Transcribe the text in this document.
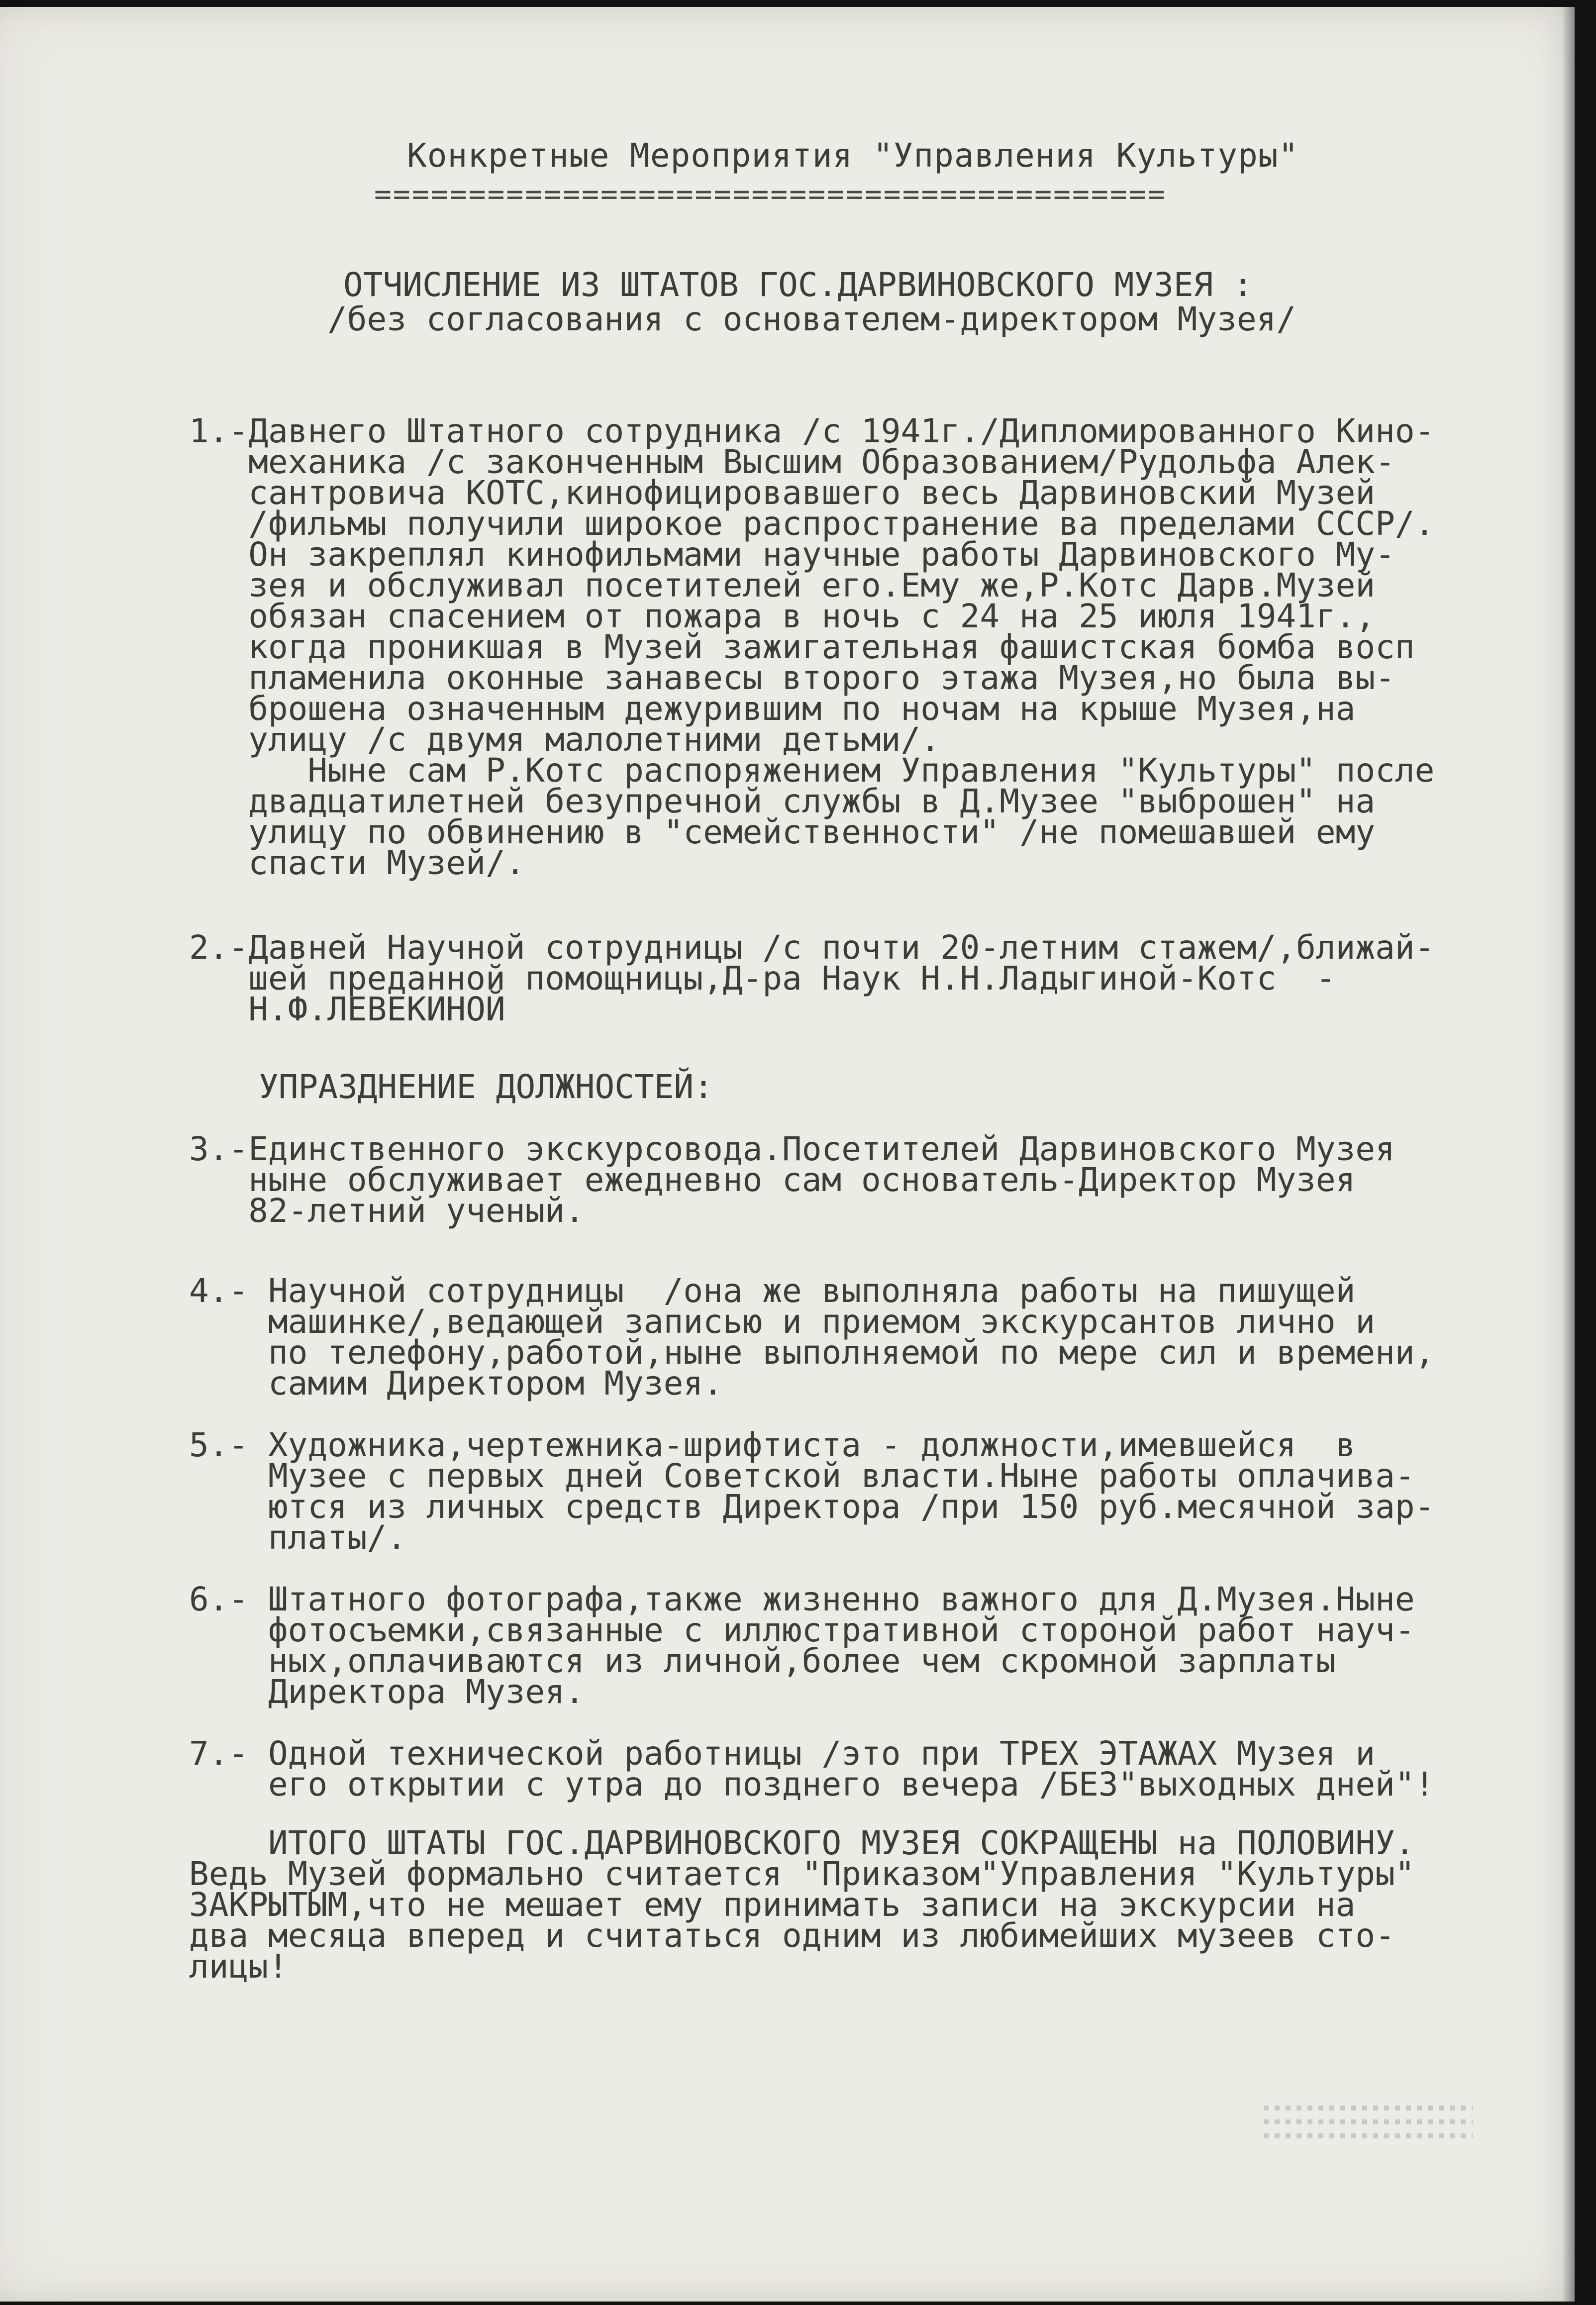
Конкретные Мероприятия "Управления Культуры"
==========================================
ОТЧИСЛЕНИЕ ИЗ ШТАТОВ ГОС.ДАРВИНОВСКОГО МУЗЕЯ :
/без согласования с основателем-директором Музея/
1.-Давнего Штатного сотрудника /с 1941г./Дипломированного Кино-
механика /с законченным Высшим Образованием/Рудольфа Алек-
сантровича КОТС,кинофицировавшего весь Дарвиновский Музей
/фильмы получили широкое распространение ва пределами СССР/.
Он закреплял кинофильмами научные работы Дарвиновского Му-
зея и обслуживал посетителей его.Ему же,Р.Котс Дарв.Музей
обязан спасением от пожара в ночь с 24 на 25 июля 1941г.,
когда проникшая в Музей зажигательная фашистская бомба восп
пламенила оконные занавесы второго этажа Музея,но была вы-
брошена означенным дежурившим по ночам на крыше Музея,на
улицу /с двумя малолетними детьми/.
Ныне сам Р.Котс распоряжением Управления "Культуры" после
двадцатилетней безупречной службы в Д.Музее "выброшен" на
улицу по обвинению в "семейственности" /не помешавшей ему
спасти Музей/.
2.-Давней Научной сотрудницы /с почти 20-летним стажем/,ближай-
шей преданной помощницы,Д-ра Наук Н.Н.Ладыгиной-Котс  -
Н.Ф.ЛЕВЕКИНОЙ
УПРАЗДНЕНИЕ ДОЛЖНОСТЕЙ:
3.-Единственного экскурсовода.Посетителей Дарвиновского Музея
ныне обслуживает ежедневно сам основатель-Директор Музея
82-летний ученый.
4.- Научной сотрудницы  /она же выполняла работы на пишущей
машинке/,ведающей записью и приемом экскурсантов лично и
по телефону,работой,ныне выполняемой по мере сил и времени,
самим Директором Музея.
5.- Художника,чертежника-шрифтиста - должности,имевшейся  в
Музее с первых дней Советской власти.Ныне работы оплачива-
ются из личных средств Директора /при 150 руб.месячной зар-
платы/.
6.- Штатного фотографа,также жизненно важного для Д.Музея.Ныне
фотосъемки,связанные с иллюстративной стороной работ науч-
ных,оплачиваются из личной,более чем скромной зарплаты
Директора Музея.
7.- Одной технической работницы /это при ТРЕХ ЭТАЖАХ Музея и
его открытии с утра до позднего вечера /БЕЗ"выходных дней"!
ИТОГО ШТАТЫ ГОС.ДАРВИНОВСКОГО МУЗЕЯ СОКРАЩЕНЫ на ПОЛОВИНУ.
Ведь Музей формально считается "Приказом"Управления "Культуры"
ЗАКРЫТЫМ,что не мешает ему принимать записи на экскурсии на
два месяца вперед и считаться одним из любимейших музеев сто-
лицы!
